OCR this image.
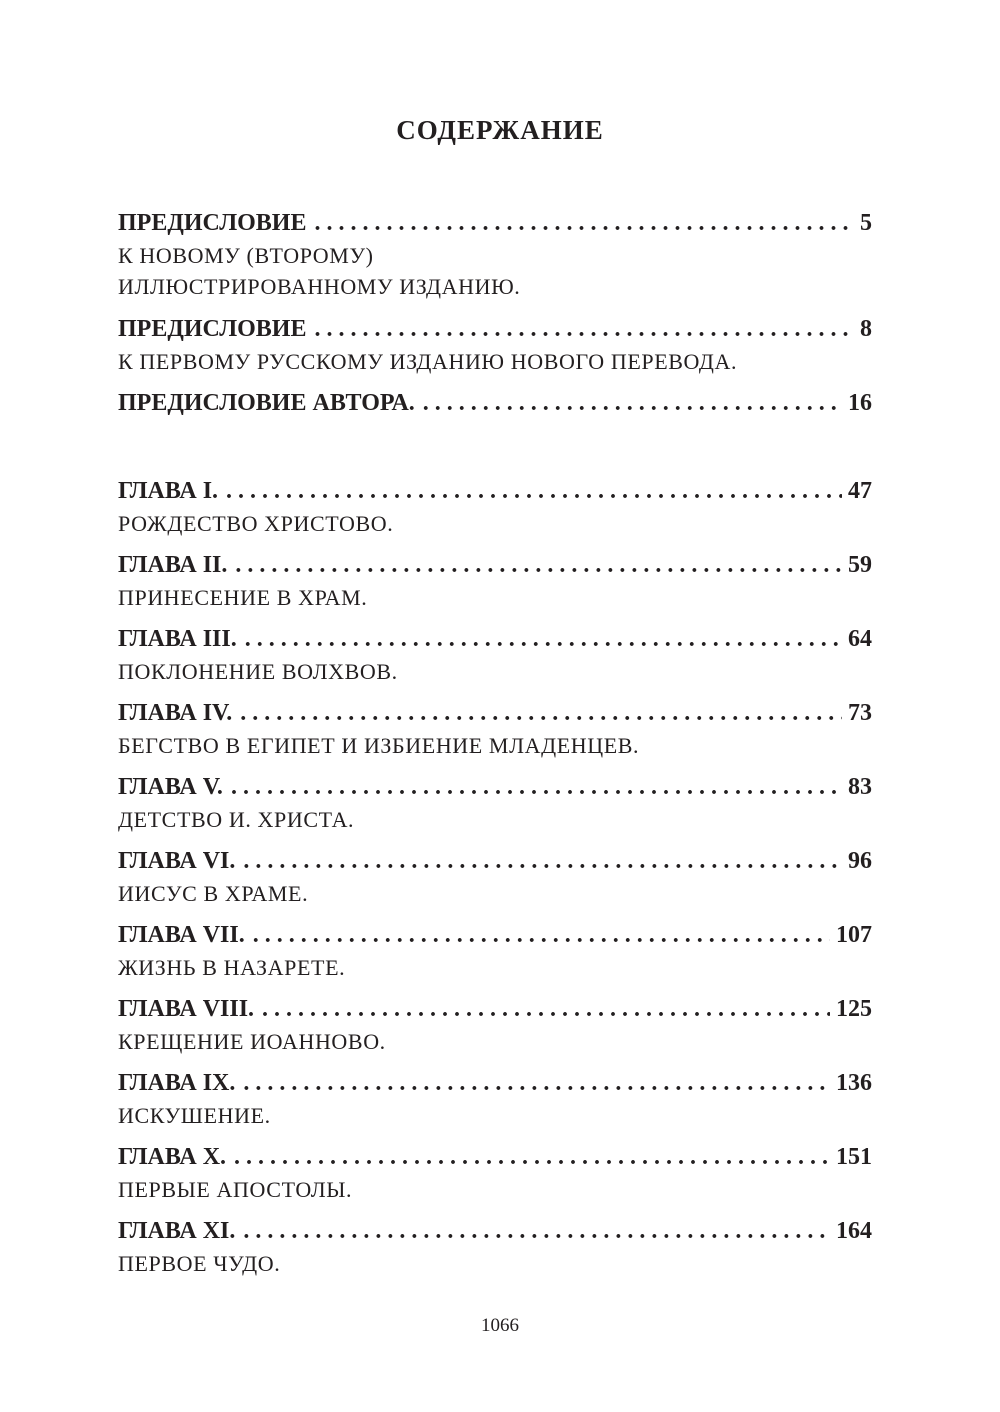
СОДЕРЖАНИЕ
ПРЕДИСЛОВИЕ . . .	5
К НОВОМУ (ВТОРОМУ)
ИЛЛЮСТРИРОВАННОМУ ИЗДАНИЮ.
ПРЕДИСЛОВИЕ . . .	8
К ПЕРВОМУ РУССКОМУ ИЗДАНИЮ НОВОГО ПЕРЕВОДА.
ПРЕДИСЛОВИЕ АВТОРА. . . .	16
ГЛАВА I. . . .	47
РОЖДЕСТВО ХРИСТОВО.
ГЛАВА II. . . .	59
ПРИНЕСЕНИЕ В ХРАМ.
ГЛАВА III. . . .	64
ПОКЛОНЕНИЕ ВОЛХВОВ.
ГЛАВА IV. . . .	73
БЕГСТВО В ЕГИПЕТ И ИЗБИЕНИЕ МЛАДЕНЦЕВ.
ГЛАВА V. . . .	83
ДЕТСТВО И. ХРИСТА.
ГЛАВА VI. . . .	96
ИИСУС В ХРАМЕ.
ГЛАВА VII. . . .	107
ЖИЗНЬ В НАЗАРЕТЕ.
ГЛАВА VIII. . . .	125
КРЕЩЕНИЕ ИОАННОВО.
ГЛАВА IX. . . .	136
ИСКУШЕНИЕ.
ГЛАВА X. . . .	151
ПЕРВЫЕ АПОСТОЛЫ.
ГЛАВА XI. . . .	164
ПЕРВОЕ ЧУДО.
1066
